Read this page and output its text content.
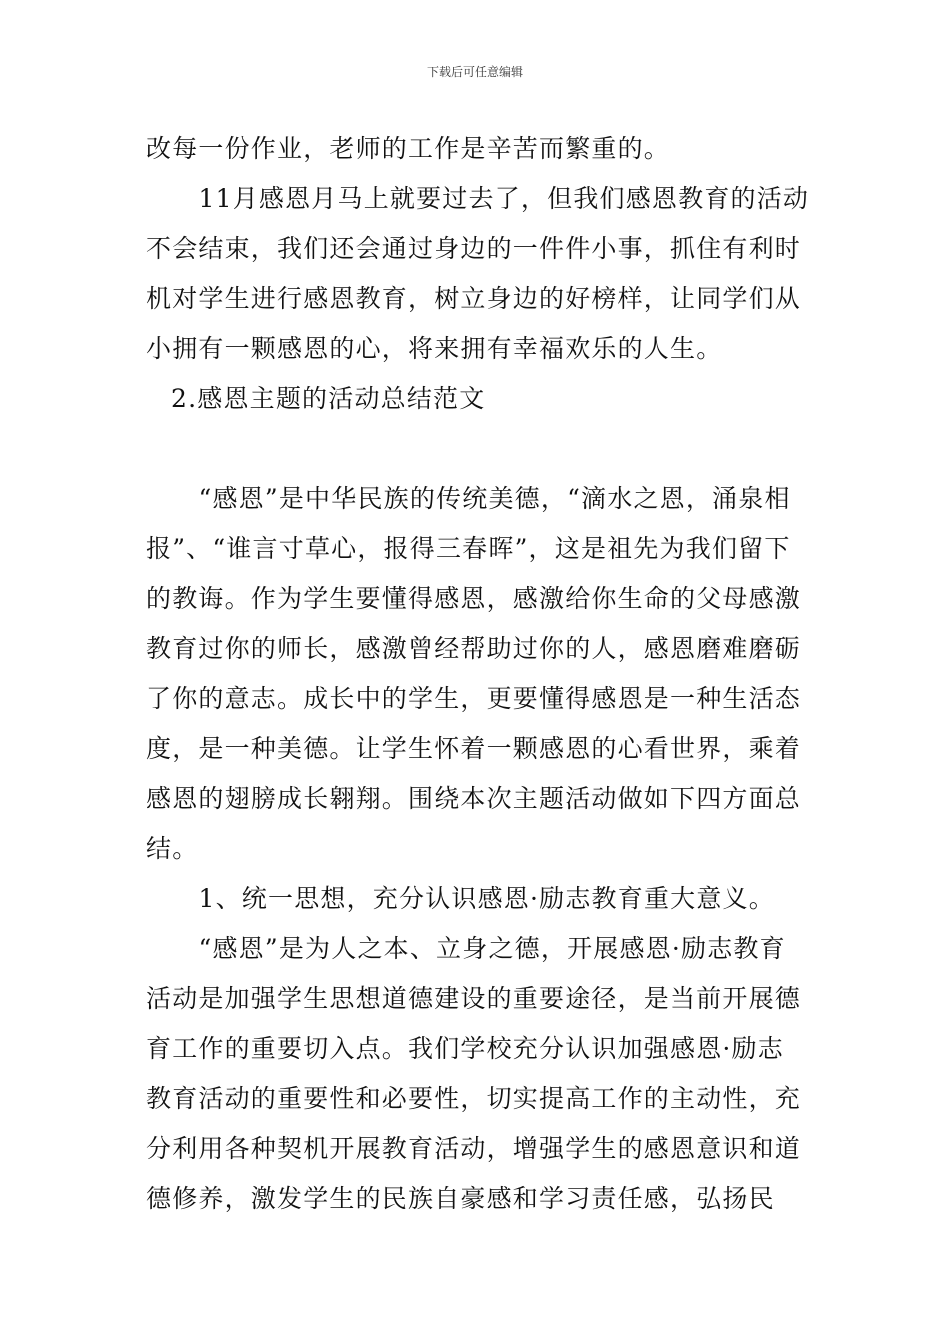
下载后可任意编辑

改每一份作业，老师的工作是辛苦而繁重的。

11月感恩月马上就要过去了，但我们感恩教育的活动不会结束，我们还会通过身边的一件件小事，抓住有利时机对学生进行感恩教育，树立身边的好榜样，让同学们从小拥有一颗感恩的心，将来拥有幸福欢乐的人生。

2.感恩主题的活动总结范文

“感恩”是中华民族的传统美德，“滴水之恩，涌泉相报”、“谁言寸草心，报得三春晖”，这是祖先为我们留下的教诲。作为学生要懂得感恩，感激给你生命的父母感激教育过你的师长，感激曾经帮助过你的人，感恩磨难磨砺了你的意志。成长中的学生，更要懂得感恩是一种生活态度，是一种美德。让学生怀着一颗感恩的心看世界，乘着感恩的翅膀成长翱翔。围绕本次主题活动做如下四方面总结。

1、统一思想，充分认识感恩·励志教育重大意义。

“感恩”是为人之本、立身之德，开展感恩·励志教育活动是加强学生思想道德建设的重要途径，是当前开展德育工作的重要切入点。我们学校充分认识加强感恩·励志教育活动的重要性和必要性，切实提高工作的主动性，充分利用各种契机开展教育活动，增强学生的感恩意识和道德修养，激发学生的民族自豪感和学习责任感，弘扬民
